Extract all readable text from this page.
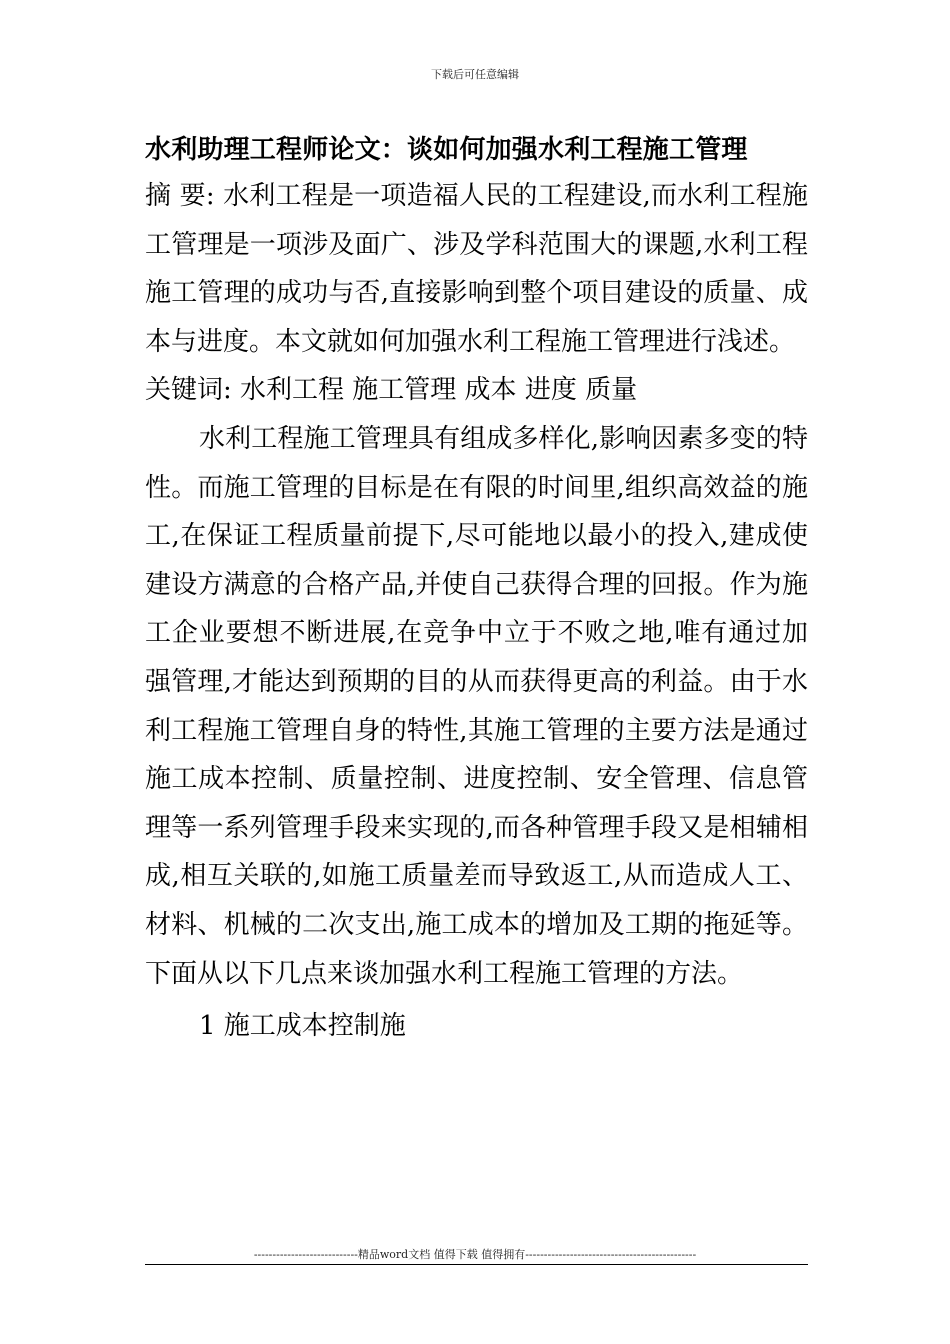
下载后可任意编辑
水利助理工程师论文：谈如何加强水利工程施工管理

摘 要: 水利工程是一项造福人民的工程建设,而水利工程施工管理是一项涉及面广、涉及学科范围大的课题,水利工程施工管理的成功与否,直接影响到整个项目建设的质量、成本与进度。本文就如何加强水利工程施工管理进行浅述。

关键词: 水利工程 施工管理 成本 进度 质量

水利工程施工管理具有组成多样化,影响因素多变的特性。而施工管理的目标是在有限的时间里,组织高效益的施工,在保证工程质量前提下,尽可能地以最小的投入,建成使建设方满意的合格产品,并使自己获得合理的回报。作为施工企业要想不断进展,在竞争中立于不败之地,唯有通过加强管理,才能达到预期的目的从而获得更高的利益。由于水利工程施工管理自身的特性,其施工管理的主要方法是通过施工成本控制、质量控制、进度控制、安全管理、信息管理等一系列管理手段来实现的,而各种管理手段又是相辅相成,相互关联的,如施工质量差而导致返工,从而造成人工、材料、机械的二次支出,施工成本的增加及工期的拖延等。下面从以下几点来谈加强水利工程施工管理的方法。

1 施工成本控制施

----------------------------精品word文档 值得下载 值得拥有----------------------------------------------
